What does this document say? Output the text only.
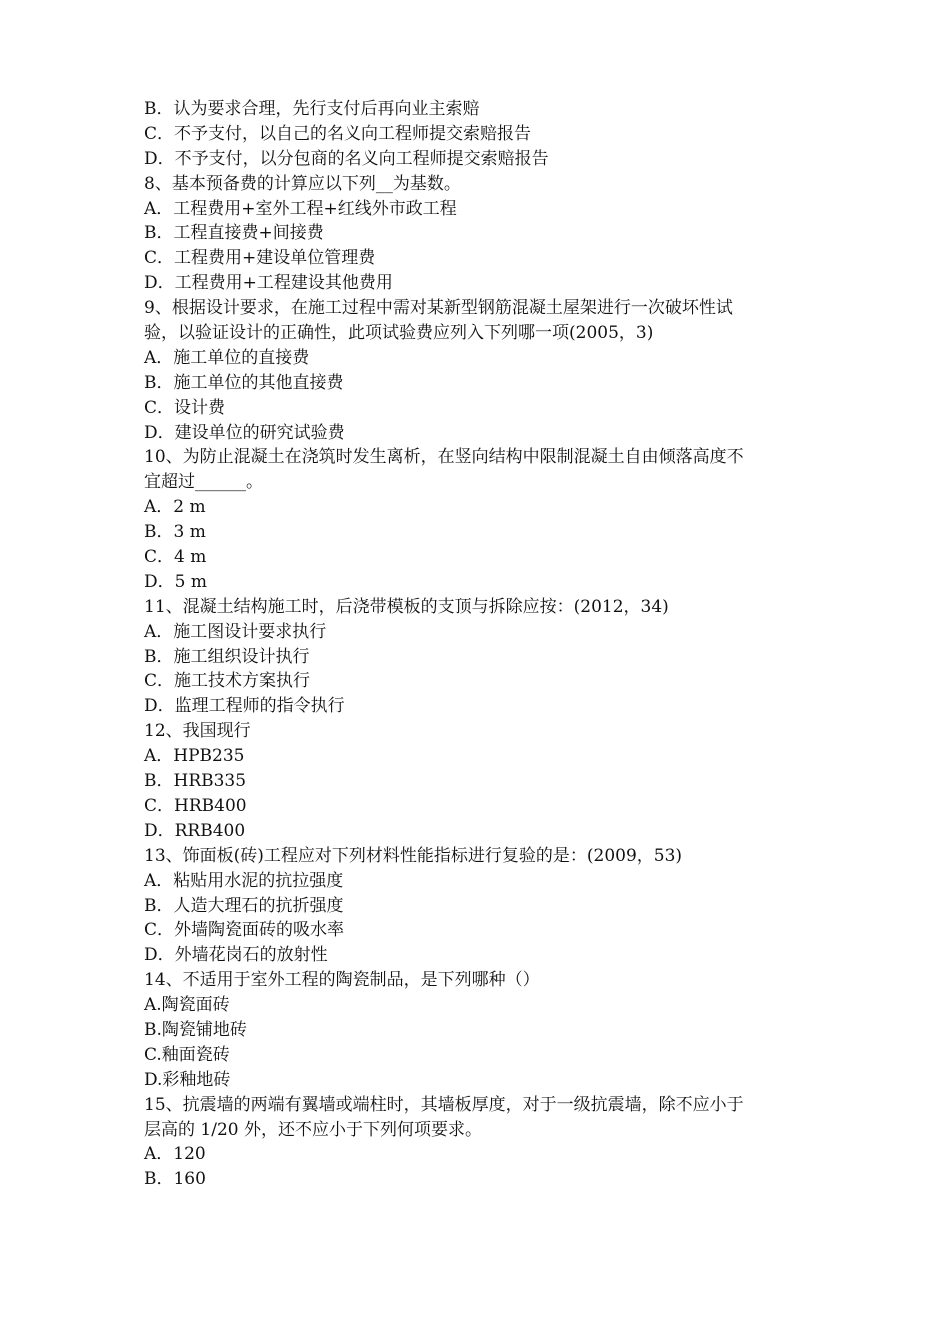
B．认为要求合理，先行支付后再向业主索赔
C．不予支付，以自己的名义向工程师提交索赔报告
D．不予支付，以分包商的名义向工程师提交索赔报告
8、基本预备费的计算应以下列__为基数。
A．工程费用+室外工程+红线外市政工程
B．工程直接费+间接费
C．工程费用+建设单位管理费
D．工程费用+工程建设其他费用
9、根据设计要求，在施工过程中需对某新型钢筋混凝土屋架进行一次破坏性试
验，以验证设计的正确性，此项试验费应列入下列哪一项(2005，3)
A．施工单位的直接费
B．施工单位的其他直接费
C．设计费
D．建设单位的研究试验费
10、为防止混凝土在浇筑时发生离析，在竖向结构中限制混凝土自由倾落高度不
宜超过______。
A．2 m
B．3 m
C．4 m
D．5 m
11、混凝土结构施工时，后浇带模板的支顶与拆除应按：(2012，34)
A．施工图设计要求执行
B．施工组织设计执行
C．施工技术方案执行
D．监理工程师的指令执行
12、我国现行
A．HPB235
B．HRB335
C．HRB400
D．RRB400
13、饰面板(砖)工程应对下列材料性能指标进行复验的是：(2009，53)
A．粘贴用水泥的抗拉强度
B．人造大理石的抗折强度
C．外墙陶瓷面砖的吸水率
D．外墙花岗石的放射性
14、不适用于室外工程的陶瓷制品，是下列哪种（）
A.陶瓷面砖
B.陶瓷铺地砖
C.釉面瓷砖
D.彩釉地砖
15、抗震墙的两端有翼墙或端柱时，其墙板厚度，对于一级抗震墙，除不应小于
层高的 1/20 外，还不应小于下列何项要求。
A．120
B．160
